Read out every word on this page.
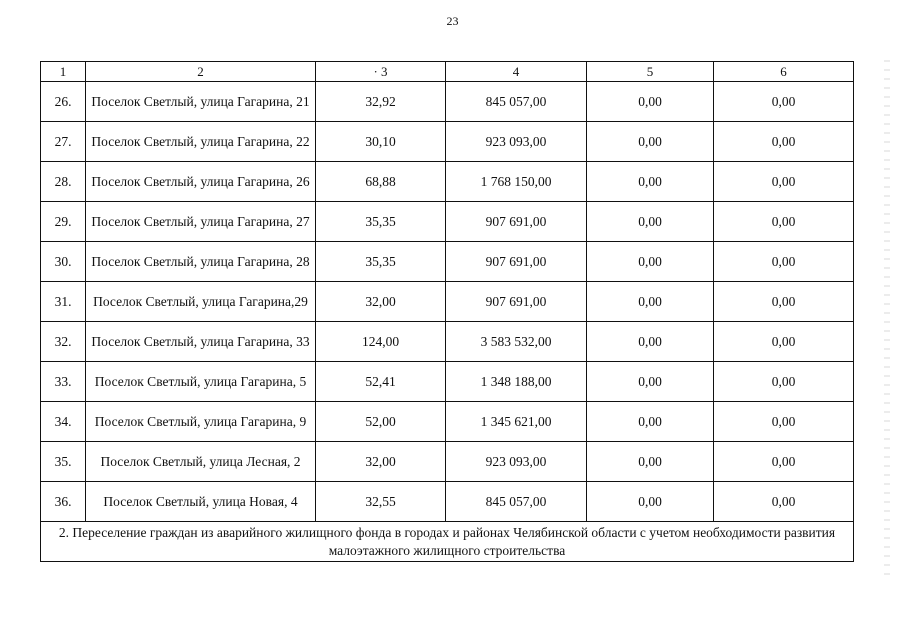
23
1	2	· 3	4	5	6
26.	Поселок Светлый, улица Гагарина, 21	32,92	845 057,00	0,00	0,00
27.	Поселок Светлый, улица Гагарина, 22	30,10	923 093,00	0,00	0,00
28.	Поселок Светлый, улица Гагарина, 26	68,88	1 768 150,00	0,00	0,00
29.	Поселок Светлый, улица Гагарина, 27	35,35	907 691,00	0,00	0,00
30.	Поселок Светлый, улица Гагарина, 28	35,35	907 691,00	0,00	0,00
31.	Поселок Светлый, улица Гагарина,29	32,00	907 691,00	0,00	0,00
32.	Поселок Светлый, улица Гагарина, 33	124,00	3 583 532,00	0,00	0,00
33.	Поселок Светлый, улица Гагарина, 5	52,41	1 348 188,00	0,00	0,00
34.	Поселок Светлый, улица Гагарина, 9	52,00	1 345 621,00	0,00	0,00
35.	Поселок Светлый, улица Лесная, 2	32,00	923 093,00	0,00	0,00
36.	Поселок Светлый, улица Новая, 4	32,55	845 057,00	0,00	0,00
2. Переселение граждан из аварийного жилищного фонда в городах и районах Челябинской области с учетом необходимости развития малоэтажного жилищного строительства					
